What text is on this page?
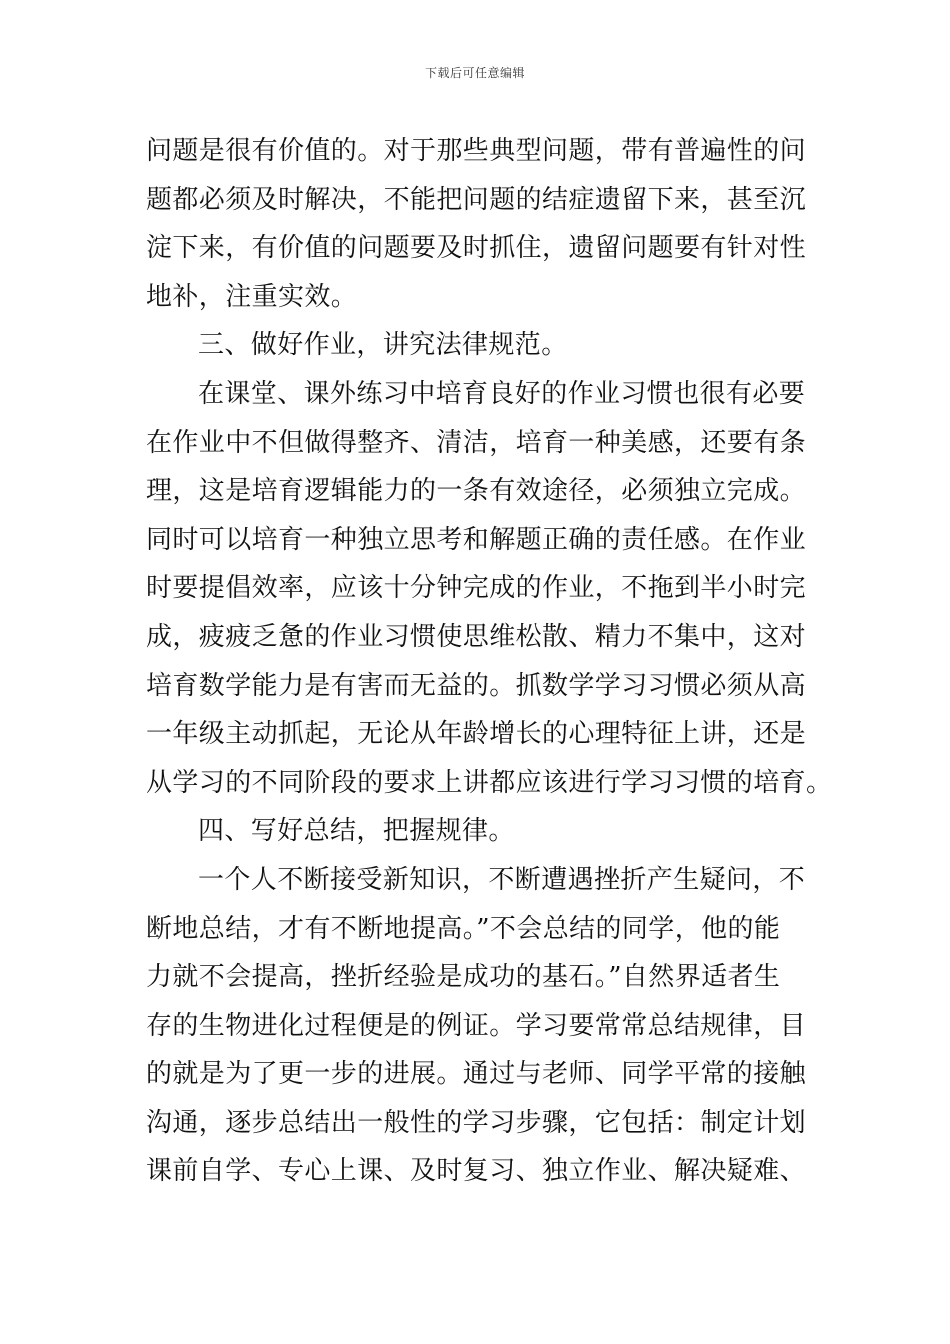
下载后可任意编辑
问题是很有价值的。对于那些典型问题，带有普遍性的问
题都必须及时解决，不能把问题的结症遗留下来，甚至沉
淀下来，有价值的问题要及时抓住，遗留问题要有针对性
地补，注重实效。
三、做好作业，讲究法律规范。
在课堂、课外练习中培育良好的作业习惯也很有必要
在作业中不但做得整齐、清洁，培育一种美感，还要有条
理，这是培育逻辑能力的一条有效途径，必须独立完成。
同时可以培育一种独立思考和解题正确的责任感。在作业
时要提倡效率，应该十分钟完成的作业，不拖到半小时完
成，疲疲乏惫的作业习惯使思维松散、精力不集中，这对
培育数学能力是有害而无益的。抓数学学习习惯必须从高
一年级主动抓起，无论从年龄增长的心理特征上讲，还是
从学习的不同阶段的要求上讲都应该进行学习习惯的培育。
四、写好总结，把握规律。
一个人不断接受新知识，不断遭遇挫折产生疑问，不
断地总结，才有不断地提高。”不会总结的同学，他的能
力就不会提高，挫折经验是成功的基石。”自然界适者生
存的生物进化过程便是的例证。学习要常常总结规律，目
的就是为了更一步的进展。通过与老师、同学平常的接触
沟通，逐步总结出一般性的学习步骤，它包括：制定计划
课前自学、专心上课、及时复习、独立作业、解决疑难、
